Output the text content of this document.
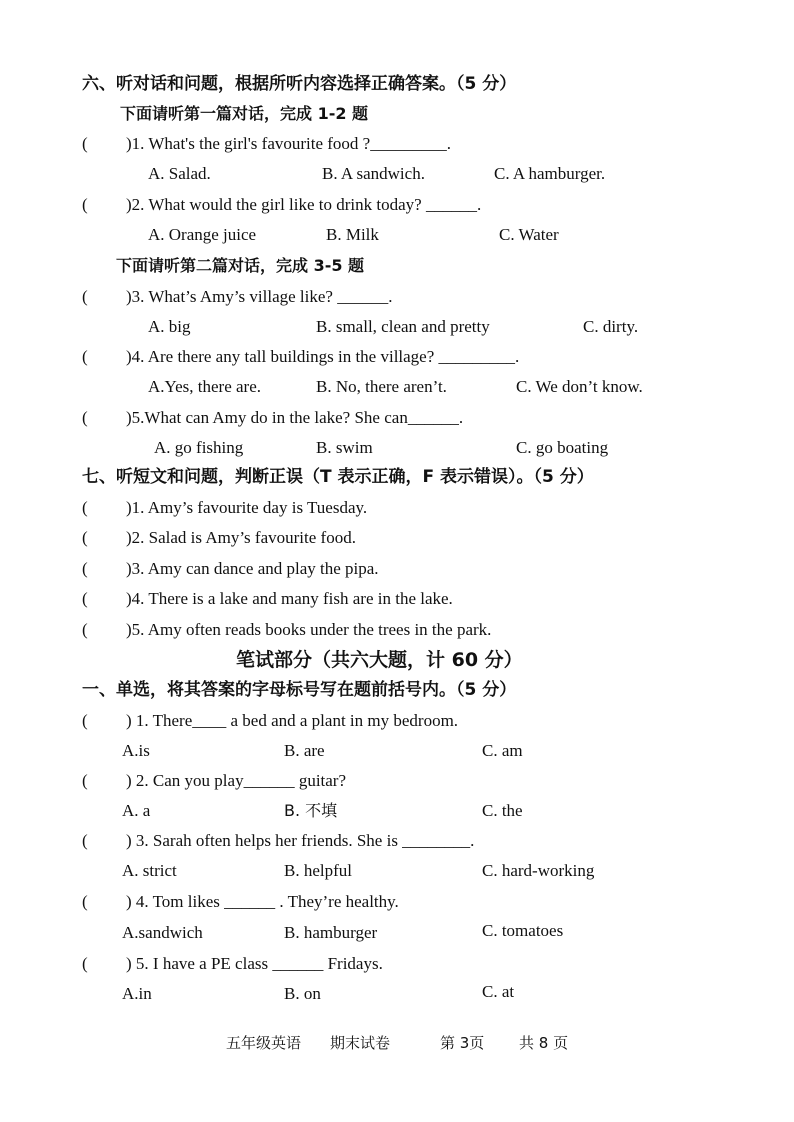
六、听对话和问题，根据所听内容选择正确答案。（5 分）
下面请听第一篇对话，完成 1-2 题
(	)1. What's the girl's favourite food ?_________.
A. Salad.	B. A sandwich.	C. A hamburger.
(	)2. What would the girl like to drink today? ______.
A. Orange juice	B. Milk	C. Water
下面请听第二篇对话，完成 3-5 题
(	)3. What’s Amy’s village like? ______.
A. big	B. small, clean and pretty	C. dirty.
(	)4. Are there any tall buildings in the village? _________.
A.Yes, there are.	B. No, there aren’t.	C. We don’t know.
(	)5.What can Amy do in the lake? She can______.
A. go fishing	B. swim	C. go boating
七、听短文和问题，判断正误（T 表示正确，F 表示错误）。（5 分）
(	)1. Amy’s favourite day is Tuesday.
(	)2. Salad is Amy’s favourite food.
(	)3. Amy can dance and play the pipa.
(	)4. There is a lake and many fish are in the lake.
(	)5. Amy often reads books under the trees in the park.
笔试部分（共六大题，计 60 分）
一、单选，将其答案的字母标号写在题前括号内。（5 分）
(	) 1. There____ a bed and a plant in my bedroom.
A.is	B. are	C. am
(	) 2. Can you play______ guitar?
A. a	B. 不填	C. the
(	) 3. Sarah often helps her friends. She is ________.
A. strict	B. helpful	C. hard-working
(	) 4. Tom likes ______ . They’re healthy.
A.sandwich	B. hamburger	C. tomatoes
(	) 5. I have a PE class ______ Fridays.
A.in	B. on	C. at
五年级英语 期末试卷	第 3页 共 8 页
